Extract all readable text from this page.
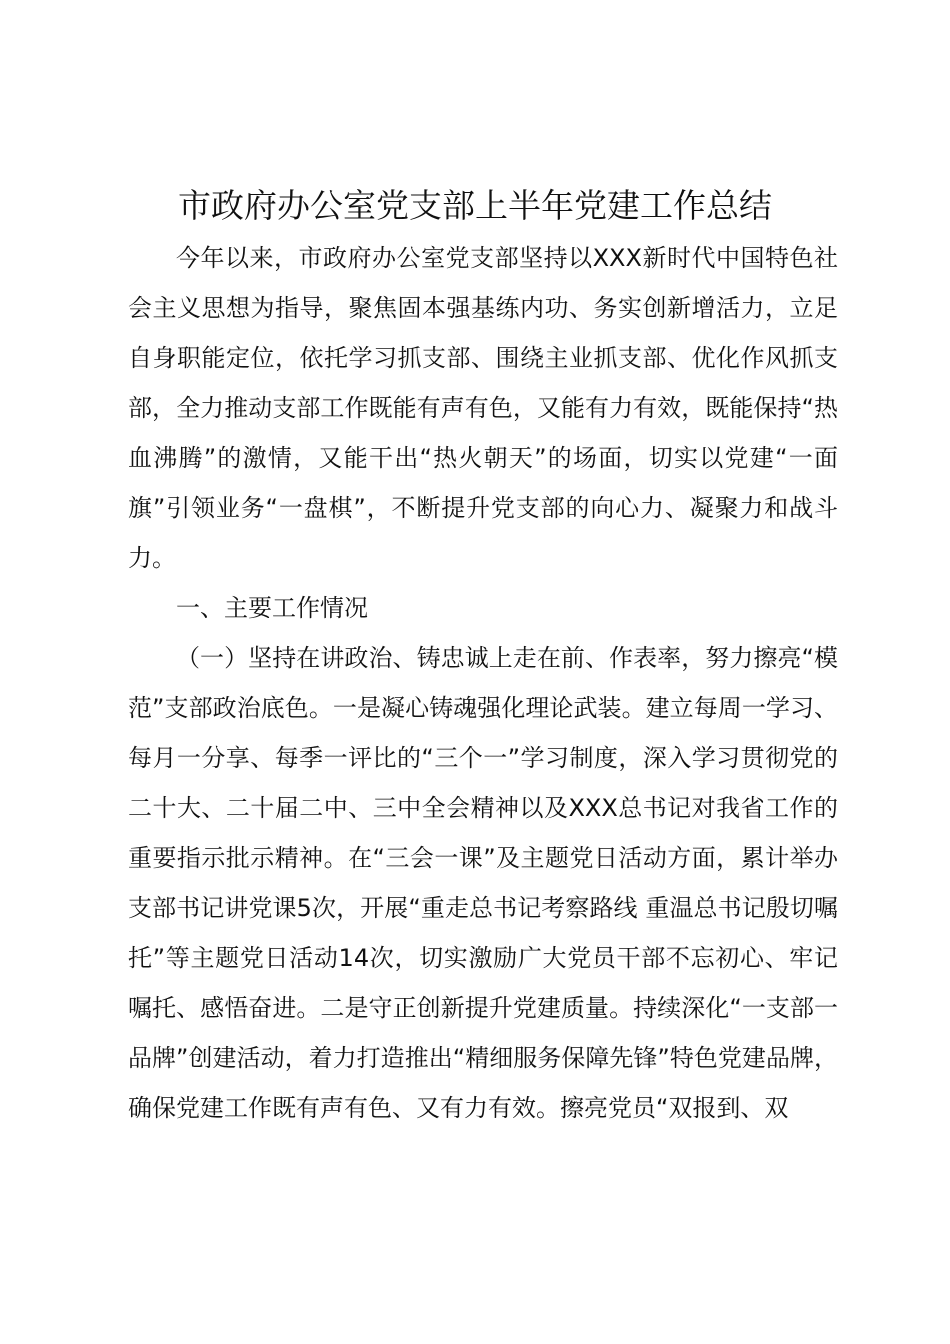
市政府办公室党支部上半年党建工作总结

今年以来，市政府办公室党支部坚持以XXX新时代中国特色社会主义思想为指导，聚焦固本强基练内功、务实创新增活力，立足自身职能定位，依托学习抓支部、围绕主业抓支部、优化作风抓支部，全力推动支部工作既能有声有色，又能有力有效，既能保持“热血沸腾”的激情，又能干出“热火朝天”的场面，切实以党建“一面旗”引领业务“一盘棋”，不断提升党支部的向心力、凝聚力和战斗力。

一、主要工作情况

（一）坚持在讲政治、铸忠诚上走在前、作表率，努力擦亮“模范”支部政治底色。一是凝心铸魂强化理论武装。建立每周一学习、每月一分享、每季一评比的“三个一”学习制度，深入学习贯彻党的二十大、二十届二中、三中全会精神以及XXX总书记对我省工作的重要指示批示精神。在“三会一课”及主题党日活动方面，累计举办支部书记讲党课5次，开展“重走总书记考察路线 重温总书记殷切嘱托”等主题党日活动14次，切实激励广大党员干部不忘初心、牢记嘱托、感悟奋进。二是守正创新提升党建质量。持续深化“一支部一品牌”创建活动，着力打造推出“精细服务保障先锋”特色党建品牌，确保党建工作既有声有色、又有力有效。擦亮党员“双报到、双
